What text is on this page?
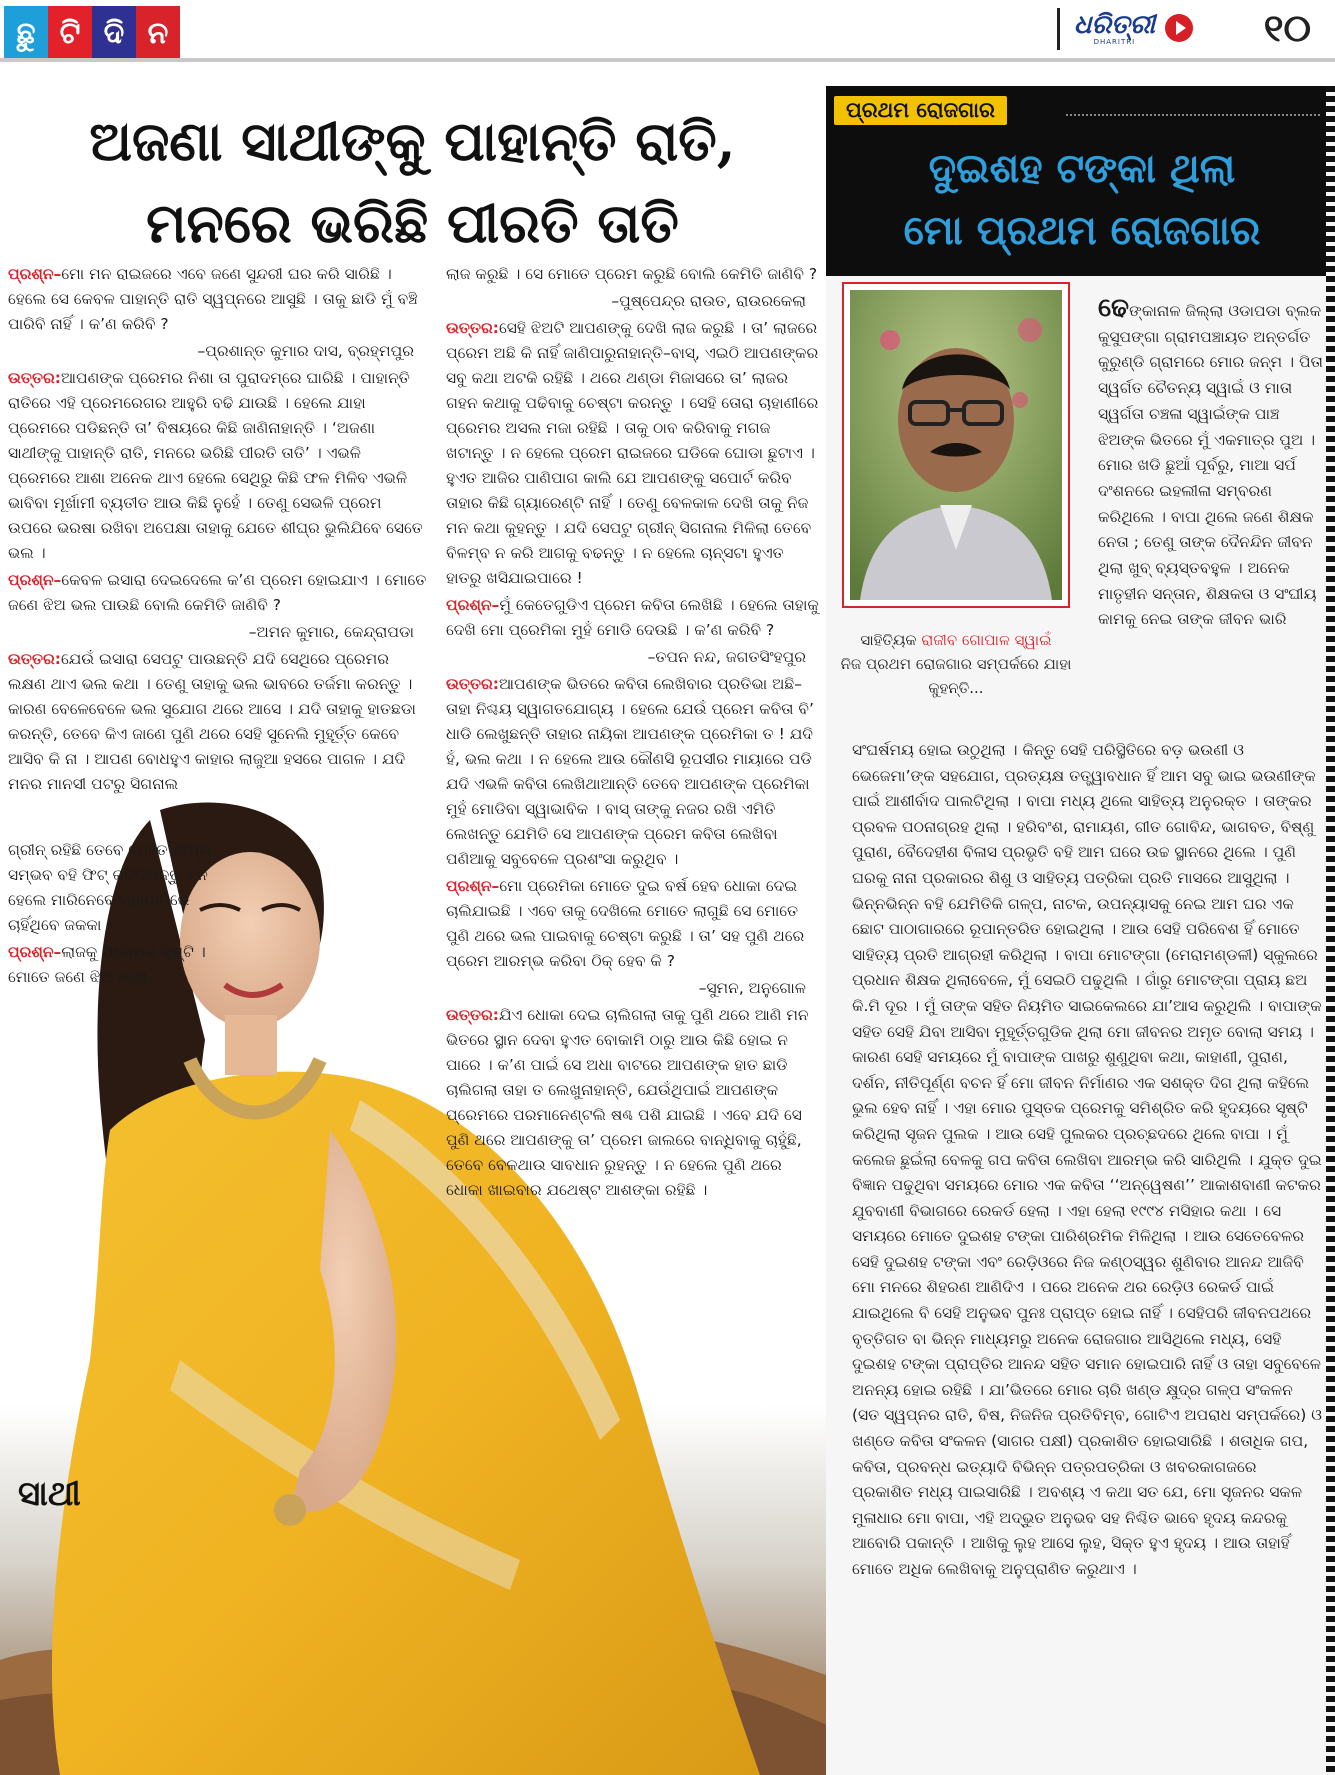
ଛୁ ଟି ଦି ନ	ଧରିତ୍ରୀ
DHARITRI	୧୦
ଅଜଣା ସାଥୀଙ୍କୁ ପାହାନ୍ତି ରାତି,
ମନରେ ଭରିଛି ପୀରତି ତାତି

ପ୍ରଶ୍ନ–ମୋ ମନ ରାଇଜରେ ଏବେ ଜଣେ ସୁନ୍ଦରୀ ଘର କରି ସାରିଛି । ହେଲେ ସେ କେବଳ ପାହାନ୍ତି ରାତି ସ୍ୱପ୍ନରେ ଆସୁଛି । ତାକୁ ଛାଡି ମୁଁ ବଞ୍ଚି ପାରିବି ନାହିଁ । କ’ଣ କରିବି ?

–ପ୍ରଶାନ୍ତ କୁମାର ଦାସ, ବ୍ରହ୍ମପୁର

ଉତ୍ତର:ଆପଣଙ୍କ ପ୍ରେମର ନିଶା ତା ପୁରାଦମ୍ରେ ଘାରିଛି । ପାହାନ୍ତି ରାତିରେ ଏହି ପ୍ରେମରେଗର ଆହୁରି ବଢି ଯାଉଛି । ହେଲେ ଯାହା ପ୍ରେମରେ ପଡିଛନ୍ତି ତା’ ବିଷୟରେ କିଛି ଜାଣିନାହାନ୍ତି । ‘ଅଜଣା ସାଥୀଙ୍କୁ ପାହାନ୍ତି ରାତି, ମନରେ ଭରିଛି ପୀରତି ତାତି’ । ଏଭଳି ପ୍ରେମରେ ଆଶା ଅନେକ ଥାଏ ହେଲେ ସେଥିରୁ କିଛି ଫଳ ମିଳିବ ଏଭଳି ଭାବିବା ମୂର୍ଖାମୀ ବ୍ୟତୀତ ଆଉ କିଛି ନୁହେଁ । ତେଣୁ ସେଭଳି ପ୍ରେମ ଉପରେ ଭରଷା ରଖିବା ଅପେକ୍ଷା ତାହାକୁ ଯେତେ ଶୀଘ୍ର ଭୁଲିଯିବେ ସେତେ ଭଲ ।

ପ୍ରଶ୍ନ–କେବଳ ଇସାରା ଦେଇଦେଲେ କ’ଣ ପ୍ରେମ ହୋଇଯାଏ । ମୋତେ ଜଣେ ଝିଅ ଭଲ ପାଉଛି ବୋଲି କେମିତି ଜାଣିବି ?

–ଅମନ କୁମାର, କେନ୍ଦ୍ରାପଡା

ଉତ୍ତର:ଯେଉଁ ଇସାରା ସେପଟୁ ପାଉଛନ୍ତି ଯଦି ସେଥିରେ ପ୍ରେମର ଲକ୍ଷଣ ଥାଏ ଭଲ କଥା । ତେଣୁ ତାହାକୁ ଭଲ ଭାବରେ ତର୍ଜମା କରନ୍ତୁ । କାରଣ ବେଳେବେଳେ ଭଲ ସୁଯୋଗ ଥରେ ଆସେ । ଯଦି ତାହାକୁ ହାତଛଡା କରନ୍ତି, ତେବେ କିଏ ଜାଣେ ପୁଣି ଥରେ ସେହି ସୁନେଲି ମୁହୂର୍ତ୍ତ କେବେ ଆସିବ କି ନା । ଆପଣ ବୋଧହୁଏ କାହାର ଲାଜୁଆ ହସରେ ପାଗଳ । ଯଦି ମନର ମାନସୀ ପଟରୁ ସିଗନାଲ

ଲାଜ କରୁଛି । ସେ ମୋତେ ପ୍ରେମ କରୁଛି ବୋଲି କେମିତି ଜାଣିବି ?

–ପୁଷ୍ପେନ୍ଦ୍ର ରାଉତ, ରାଉରକେଲା

ଉତ୍ତର:ସେହି ଝିଅଟି ଆପଣଙ୍କୁ ଦେଖି ଲାଜ କରୁଛି । ତା’ ଲାଜରେ ପ୍ରେମ ଅଛି କି ନାହିଁ ଜାଣିପାରୁନାହାନ୍ତି–ବାସ୍, ଏଇଠି ଆପଣଙ୍କର ସବୁ କଥା ଅଟକି ରହିଛି । ଥରେ ଥଣ୍ଡା ମିଜାସରେ ତା’ ଲାଜର ଗହନ କଥାକୁ ପଢିବାକୁ ଚେଷ୍ଟା କରନ୍ତୁ । ସେହି ତୋରା ଚାହାଣୀରେ ପ୍ରେମର ଅସଲ ମଜା ରହିଛି । ତାକୁ ଠାବ କରିବାକୁ ମଗଜ ଖଟାନ୍ତୁ । ନ ହେଲେ ପ୍ରେମ ରାଇଜରେ ଘଡିକେ ଘୋଡା ଛୁଟାଏ । ହୁଏତ ଆଜିର ପାଣିପାଗ କାଲି ଯେ ଆପଣଙ୍କୁ ସପୋର୍ଟ କରିବ ତାହାର କିଛି ଗ୍ୟାରେଣ୍ଟି ନାହିଁ । ତେଣୁ ବେଳକାଳ ଦେଖି ତାକୁ ନିଜ ମନ କଥା କୁହନ୍ତୁ । ଯଦି ସେପଟୁ ଗ୍ରୀନ୍ ସିଗନାଲ ମିଳିଲା ତେବେ ବିଳମ୍ବ ନ କରି ଆଗକୁ ବଢନ୍ତୁ । ନ ହେଲେ ଚାନ୍ସଟା ହୁଏତ ହାତରୁ ଖସିଯାଇପାରେ !

ପ୍ରଶ୍ନ–ମୁଁ କେତେଗୁଡିଏ ପ୍ରେମ କବିତା ଲେଖିଛି । ହେଲେ ତାହାକୁ ଦେଖି ମୋ ପ୍ରେମିକା ମୁହଁ ମୋଡି ଦେଉଛି । କ’ଣ କରିବି ?

–ତପନ ନନ୍ଦ, ଜଗତସିଂହପୁର

ଉତ୍ତର:ଆପଣଙ୍କ ଭିତରେ କବିତା ଲେଖିବାର ପ୍ରତିଭା ଅଛି–ତାହା ନିଶ୍ଚୟ ସ୍ୱାଗତଯୋଗ୍ୟ । ହେଲେ ଯେଉଁ ପ୍ରେମ କବିତା ବି’ ଧାଡି ଲେଖୁଛନ୍ତି ତାହାର ନାୟିକା ଆପଣଙ୍କ ପ୍ରେମିକା ତ ! ଯଦି ହଁ, ଭଲ କଥା । ନ ହେଲେ ଆଉ କୌଣସି ରୂପସୀର ମାୟାରେ ପଡି ଯଦି ଏଭଳି କବିତା ଲେଖିଥାଆନ୍ତି ତେବେ ଆପଣଙ୍କ ପ୍ରେମିକା ମୁହଁ ମୋଡିବା ସ୍ୱାଭାବିକ । ବାସ୍ ତାଙ୍କୁ ନଜର ରଖି ଏମିତି ଲେଖନ୍ତୁ ଯେମିତି ସେ ଆପଣଙ୍କ ପ୍ରେମ କବିତା ଲେଖିବା ପଣିଆକୁ ସବୁବେଳେ ପ୍ରଶଂସା କରୁଥିବ ।

ପ୍ରଶ୍ନ–ମୋ ପ୍ରେମିକା ମୋତେ ଦୁଇ ବର୍ଷ ହେବ ଧୋକା ଦେଇ ଚାଲିଯାଇଛି । ଏବେ ତାକୁ ଦେଖିଲେ ମୋତେ ଲାଗୁଛି ସେ ମୋତେ ପୁଣି ଥରେ ଭଲ ପାଇବାକୁ ଚେଷ୍ଟା କରୁଛି । ତା’ ସହ ପୁଣି ଥରେ ପ୍ରେମ ଆରମ୍ଭ କରିବା ଠିକ୍ ହେବ କି ?

–ସୁମନ, ଅନୁଗୋଳ

ଉତ୍ତର:ଯିଏ ଧୋକା ଦେଇ ଚାଲିଗଲା ତାକୁ ପୁଣି ଥରେ ଆଣି ମନ ଭିତରେ ସ୍ଥାନ ଦେବା ହୁଏତ ବୋକାମି ଠାରୁ ଆଉ କିଛି ହୋଇ ନ ପାରେ । କ’ଣ ପାଇଁ ସେ ଅଧା ବାଟରେ ଆପଣଙ୍କ ହାତ ଛାଡି ଚାଲିଗଲା ତାହା ତ ଲେଖୁନାହାନ୍ତି, ଯେଉଁଥିପାଇଁ ଆପଣଙ୍କ ପ୍ରେମରେ ପରମାନେଣ୍ଟଲି ଷଣ୍ଢ ପଶି ଯାଇଛି । ଏବେ ଯଦି ସେ ପୁଣି ଥରେ ଆପଣଙ୍କୁ ତା’ ପ୍ରେମ ଜାଲରେ ବାନ୍ଧିବାକୁ ଚାହୁଁଛି, ତେବେ ବେଳଥାଉ ସାବଧାନ ରୁହନ୍ତୁ । ନ ହେଲେ ପୁଣି ଥରେ ଧୋକା ଖାଇବାର ଯଥେଷ୍ଟ ଆଶଙ୍କା ରହିଛି ।

ଗ୍ରୀନ୍ ରହିଛି ତେବେ ଯେତେ ଶୀଘ୍ର ସମ୍ଭବ ବହି ଫିଟ୍ କରିଦିଅନ୍ତୁ । ନ ହେଲେ ମାରିନେବେ ମହାପାତ୍ରେ ଚାହିଁଥିବେ ଜକକା !

ପ୍ରଶ୍ନ–ଲାଜକୁ ପ୍ରେମର ସୃଷ୍ଟି । ମୋତେ ଜଣେ ଝିଅ ଦେଖି

ସାଥୀ
ପ୍ରଥମ ରୋଜଗାର
ଦୁଇଶହ ଟଙ୍କା ଥିଲା
ମୋ ପ୍ରଥମ ରୋଜଗାର
ସାହିତ୍ୟିକ ରାଜୀବ ଗୋପାଳ ସ୍ୱାଇଁ
ନିଜ ପ୍ରଥମ ରୋଜଗାର ସମ୍ପର୍କରେ ଯାହା କୁହନ୍ତି...
ଢେଙ୍କାନାଳ ଜିଲ୍ଲା ଓଡାପଡା ବ୍ଲକ କୁସୁପଙ୍ଗା ଗ୍ରାମପଞ୍ଚାୟତ ଅନ୍ତର୍ଗତ କୁରୁଣ୍ଡି ଗ୍ରାମରେ ମୋର ଜନ୍ମ । ପିତା ସ୍ୱର୍ଗତ ଚୈତନ୍ୟ ସ୍ୱାଇଁ ଓ ମାତା ସ୍ୱର୍ଗତା ଚଞ୍ଚଳା ସ୍ୱାଇଁଙ୍କ ପାଞ୍ଚ ଝିଅଙ୍କ ଭିତରେ ମୁଁ ଏକମାତ୍ର ପୁଅ । ମୋର ଖଡି ଛୁଆଁ ପୂର୍ବରୁ, ମାଆ ସର୍ପ ଦଂଶନରେ ଇହଲୀଳା ସମ୍ବରଣ କରିଥିଲେ । ବାପା ଥିଲେ ଜଣେ ଶିକ୍ଷକ ନେତା ; ତେଣୁ ତାଙ୍କ ଦୈନନ୍ଦିନ ଜୀବନ ଥିଲା ଖୁବ୍ ବ୍ୟସ୍ତବହୁଳ । ଅନେକ ମାତୃହୀନ ସନ୍ତାନ, ଶିକ୍ଷକତା ଓ ସଂଘୀୟ କାମକୁ ନେଇ ତାଙ୍କ ଜୀବନ ଭାରି
ସଂଘର୍ଷମୟ ହୋଇ ଉଠୁଥିଲା । କିନ୍ତୁ ସେହି ପରିସ୍ଥିତିରେ ବଡ଼ ଭଉଣୀ ଓ ଭେଜେମା’ଙ୍କ ସହଯୋଗ, ପ୍ରତ୍ୟକ୍ଷ ତତ୍ତ୍ୱାବଧାନ ହିଁ ଆମ ସବୁ ଭାଇ ଭଉଣୀଙ୍କ ପାଇଁ ଆଶୀର୍ବାଦ ପାଲଟିଥିଲା । ବାପା ମଧ୍ୟ ଥିଲେ ସାହିତ୍ୟ ଅନୁରକ୍ତ । ତାଙ୍କର ପ୍ରବଳ ପଠନାଗ୍ରହ ଥିଲା । ହରିବଂଶ, ରାମାୟଣ, ଗୀତ ଗୋବିନ୍ଦ, ଭାଗବତ, ବିଷ୍ଣୁ ପୁରାଣ, ବୈଦେହୀଶ ବିଳାସ ପ୍ରଭୃତି ବହି ଆମ ଘରେ ଉଚ୍ଚ ସ୍ଥାନରେ ଥିଲେ । ପୁଣି ଘରକୁ ନାନା ପ୍ରକାରର ଶିଶୁ ଓ ସାହିତ୍ୟ ପତ୍ରିକା ପ୍ରତି ମାସରେ ଆସୁଥିଲା । ଭିନ୍ନଭିନ୍ନ ବହି ଯେମିତିକି ଗଳ୍ପ, ନାଟକ, ଉପନ୍ୟାସକୁ ନେଇ ଆମ ଘର ଏକ ଛୋଟ ପାଠାଗାରରେ ରୂପାନ୍ତରିତ ହୋଇଥିଲା । ଆଉ ସେହି ପରିବେଶ ହିଁ ମୋତେ ସାହିତ୍ୟ ପ୍ରତି ଆଗ୍ରହୀ କରିଥିଲା । ବାପା ମୋଟଙ୍ଗା (ମେରାମଣ୍ଡଳୀ) ସ୍କୁଲରେ ପ୍ରଧାନ ଶିକ୍ଷକ ଥିଲାବେଳେ, ମୁଁ ସେଇଠି ପଢୁଥିଲି । ଗାଁରୁ ମୋଟଙ୍ଗା ପ୍ରାୟ ଛଅ କି.ମି ଦୂର । ମୁଁ ତାଙ୍କ ସହିତ ନିୟମିତ ସାଇକେଲରେ ଯା’ଆସ କରୁଥିଲି । ବାପାଙ୍କ ସହିତ ସେହି ଯିବା ଆସିବା ମୁହୂର୍ତ୍ତଗୁଡିକ ଥିଲା ମୋ ଜୀବନର ଅମୃତ ବୋଲା ସମୟ । କାରଣ ସେହି ସମୟରେ ମୁଁ ବାପାଙ୍କ ପାଖରୁ ଶୁଣୁଥିବା କଥା, କାହାଣୀ, ପୁରାଣ, ଦର୍ଶନ, ନୀତିପୂର୍ଣ୍ଣ ବଚନ ହିଁ ମୋ ଜୀବନ ନିର୍ମାଣର ଏକ ସଶକ୍ତ ଦିଗ ଥିଲା କହିଲେ ଭୁଲ ହେବ ନାହିଁ । ଏହା ମୋର ପୁସ୍ତକ ପ୍ରେମକୁ ସମିଶ୍ରିତ କରି ହୃଦୟରେ ସୃଷ୍ଟି କରିଥିଲା ସୃଜନ ପୁଲକ । ଆଉ ସେହି ପୁଲକର ପ୍ରଚ୍ଛଦରେ ଥିଲେ ବାପା । ମୁଁ କଲେଜ ଛୁଇଁଲା ବେଳକୁ ଗପ କବିତା ଲେଖିବା ଆରମ୍ଭ କରି ସାରିଥିଲି । ଯୁକ୍ତ ଦୁଇ ବିଜ୍ଞାନ ପଢୁଥିବା ସମୟରେ ମୋର ଏକ କବିତା ‘‘ଅନ୍ୱେଷଣ’’ ଆକାଶବାଣୀ କଟକର ଯୁବବାଣୀ ବିଭାଗରେ ରେକର୍ଡ ହେଲା । ଏହା ହେଲା ୧୯୯୪ ମସିହାର କଥା । ସେ ସମୟରେ ମୋତେ ଦୁଇଶହ ଟଙ୍କା ପାରିଶ୍ରମିକ ମିଳିଥିଲା । ଆଉ ସେତେବେଳର ସେହି ଦୁଇଶହ ଟଙ୍କା ଏବଂ ରେଡ଼ିଓରେ ନିଜ କଣ୍ଠସ୍ୱର ଶୁଣିବାର ଆନନ୍ଦ ଆଜିବି ମୋ ମନରେ ଶିହରଣ ଆଣିଦିଏ । ପରେ ଅନେକ ଥର ରେଡ଼ିଓ ରେକର୍ଡ ପାଇଁ ଯାଇଥିଲେ ବି ସେହି ଅନୁଭବ ପୁନଃ ପ୍ରାପ୍ତ ହୋଇ ନାହିଁ । ସେହିପରି ଜୀବନପଥରେ ବୃତ୍ତିଗତ ବା ଭିନ୍ନ ମାଧ୍ୟମରୁ ଅନେକ ରୋଜଗାର ଆସିଥିଲେ ମଧ୍ୟ, ସେହି ଦୁଇଶହ ଟଙ୍କା ପ୍ରାପ୍ତିର ଆନନ୍ଦ ସହିତ ସମାନ ହୋଇପାରି ନାହିଁ ଓ ତାହା ସବୁବେଳେ ଅନନ୍ୟ ହୋଇ ରହିଛି । ଯା’ଭିତରେ ମୋର ଚାରି ଖଣ୍ଡ କ୍ଷୁଦ୍ର ଗଳ୍ପ ସଂକଳନ (ସତ ସ୍ୱପ୍ନର ରାତି, ବିଷ, ନିଜନିଜ ପ୍ରତିବିମ୍ବ, ଗୋଟିଏ ଅପରାଧ ସମ୍ପର୍କରେ) ଓ ଖଣ୍ଡେ କବିତା ସଂକଳନ (ସାଗର ପକ୍ଷୀ) ପ୍ରକାଶିତ ହୋଇସାରିଛି । ଶତାଧିକ ଗପ, କବିତା, ପ୍ରବନ୍ଧ ଇତ୍ୟାଦି ବିଭିନ୍ନ ପତ୍ରପତ୍ରିକା ଓ ଖବରକାଗଜରେ ପ୍ରକାଶିତ ମଧ୍ୟ ପାଇସାରିଛି । ଅବଶ୍ୟ ଏ କଥା ସତ ଯେ, ମୋ ସୃଜନର ସକଳ ମୁଳାଧାର ମୋ ବାପା, ଏହି ଅଦ୍ଭୁତ ଅନୁଭବ ସହ ନିଶ୍ଚିତ ଭାବେ ହୃଦୟ କନ୍ଦରକୁ ଆବୋରି ପକାନ୍ତି । ଆଖିକୁ ଲୁହ ଆସେ ଲୁହ, ସିକ୍ତ ହୁଏ ହୃଦୟ । ଆଉ ତାହାହିଁ ମୋତେ ଅଧିକ ଲେଖିବାକୁ ଅନୁପ୍ରାଣିତ କରୁଥାଏ ।
